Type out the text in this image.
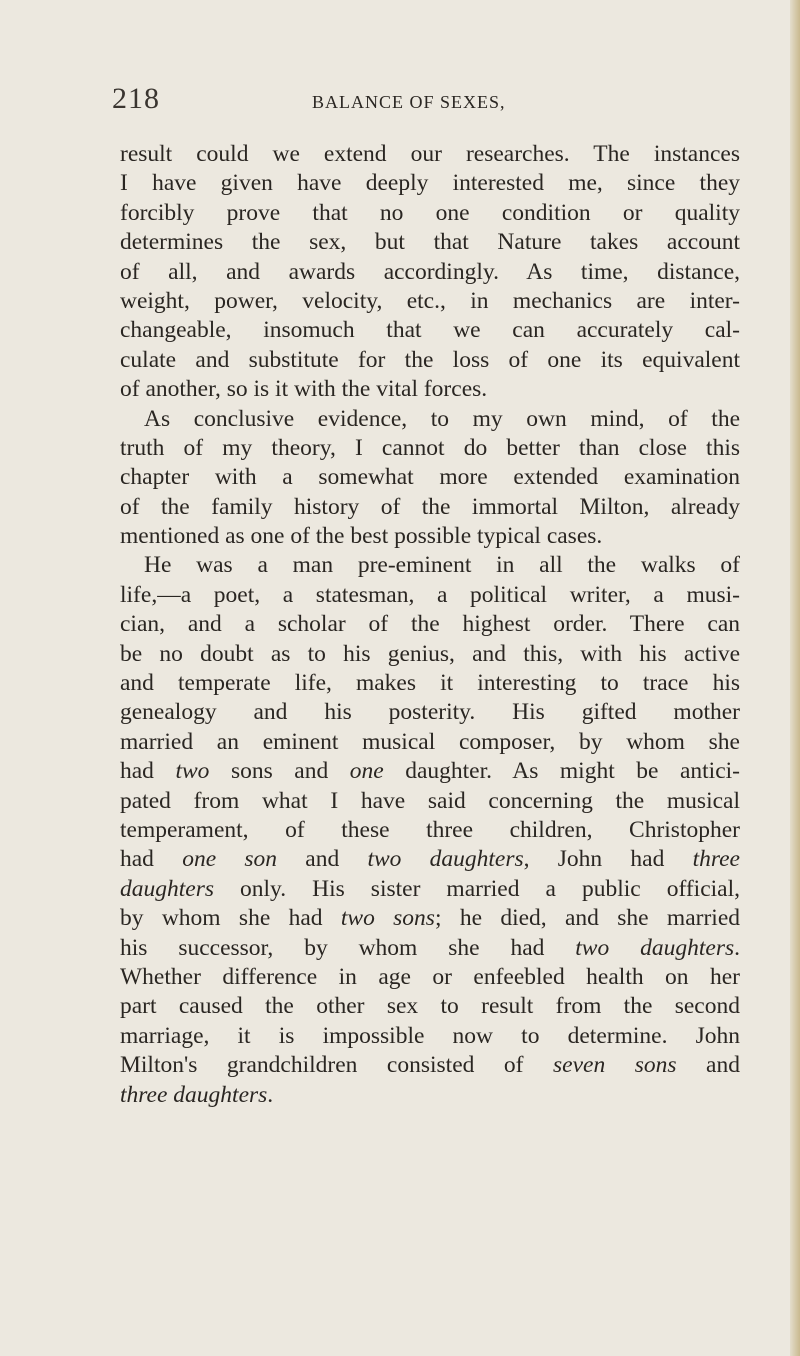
218	BALANCE OF SEXES,
result could we extend our researches. The instances
I have given have deeply interested me, since they
forcibly prove that no one condition or quality
determines the sex, but that Nature takes account
of all, and awards accordingly. As time, distance,
weight, power, velocity, etc., in mechanics are inter-
changeable, insomuch that we can accurately cal-
culate and substitute for the loss of one its equivalent
of another, so is it with the vital forces.
As conclusive evidence, to my own mind, of the
truth of my theory, I cannot do better than close this
chapter with a somewhat more extended examination
of the family history of the immortal Milton, already
mentioned as one of the best possible typical cases.
He was a man pre-eminent in all the walks of
life,—a poet, a statesman, a political writer, a musi-
cian, and a scholar of the highest order. There can
be no doubt as to his genius, and this, with his active
and temperate life, makes it interesting to trace his
genealogy and his posterity. His gifted mother
married an eminent musical composer, by whom she
had two sons and one daughter. As might be antici-
pated from what I have said concerning the musical
temperament, of these three children, Christopher
had one son and two daughters, John had three
daughters only. His sister married a public official,
by whom she had two sons; he died, and she married
his successor, by whom she had two daughters.
Whether difference in age or enfeebled health on her
part caused the other sex to result from the second
marriage, it is impossible now to determine. John
Milton's grandchildren consisted of seven sons and
three daughters.
